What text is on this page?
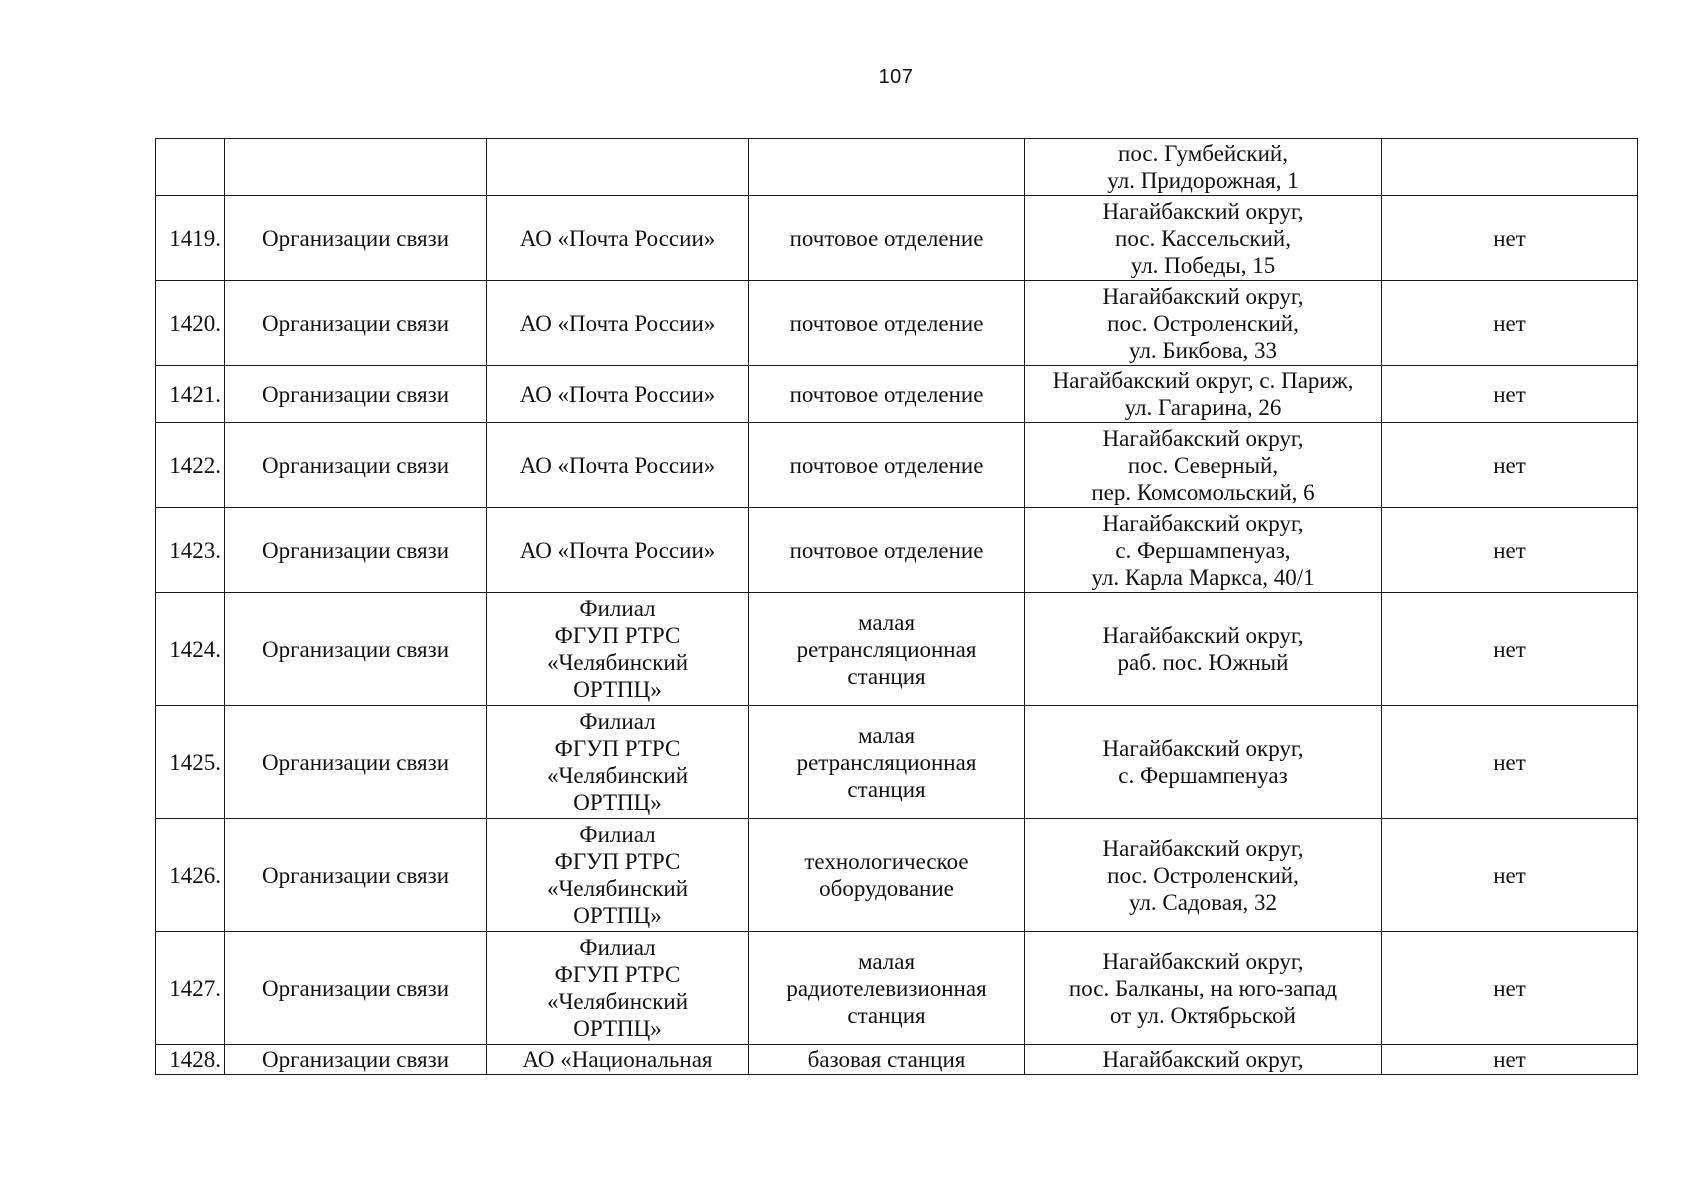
107

				пос. Гумбейский,
ул. Придорожная, 1	

1419.	Организации связи	АО «Почта России»	почтовое отделение	Нагайбакский округ,
пос. Кассельский,
ул. Победы, 15	нет
1420.	Организации связи	АО «Почта России»	почтовое отделение	Нагайбакский округ,
пос. Остроленский,
ул. Бикбова, 33	нет
1421.	Организации связи	АО «Почта России»	почтовое отделение	Нагайбакский округ, с. Париж,
ул. Гагарина, 26	нет
1422.	Организации связи	АО «Почта России»	почтовое отделение	Нагайбакский округ,
пос. Северный,
пер. Комсомольский, 6	нет
1423.	Организации связи	АО «Почта России»	почтовое отделение	Нагайбакский округ,
с. Фершампенуаз,
ул. Карла Маркса, 40/1	нет
1424.	Организации связи	Филиал
ФГУП РТРС
«Челябинский
ОРТПЦ»	малая
ретрансляционная
станция	Нагайбакский округ,
раб. пос. Южный	нет
1425.	Организации связи	Филиал
ФГУП РТРС
«Челябинский
ОРТПЦ»	малая
ретрансляционная
станция	Нагайбакский округ,
с. Фершампенуаз	нет
1426.	Организации связи	Филиал
ФГУП РТРС
«Челябинский
ОРТПЦ»	технологическое
оборудование	Нагайбакский округ,
пос. Остроленский,
ул. Садовая, 32	нет
1427.	Организации связи	Филиал
ФГУП РТРС
«Челябинский
ОРТПЦ»	малая
радиотелевизионная
станция	Нагайбакский округ,
пос. Балканы, на юго-запад
от ул. Октябрьской	нет
1428.	Организации связи	АО «Национальная	базовая станция	Нагайбакский округ,	нет
